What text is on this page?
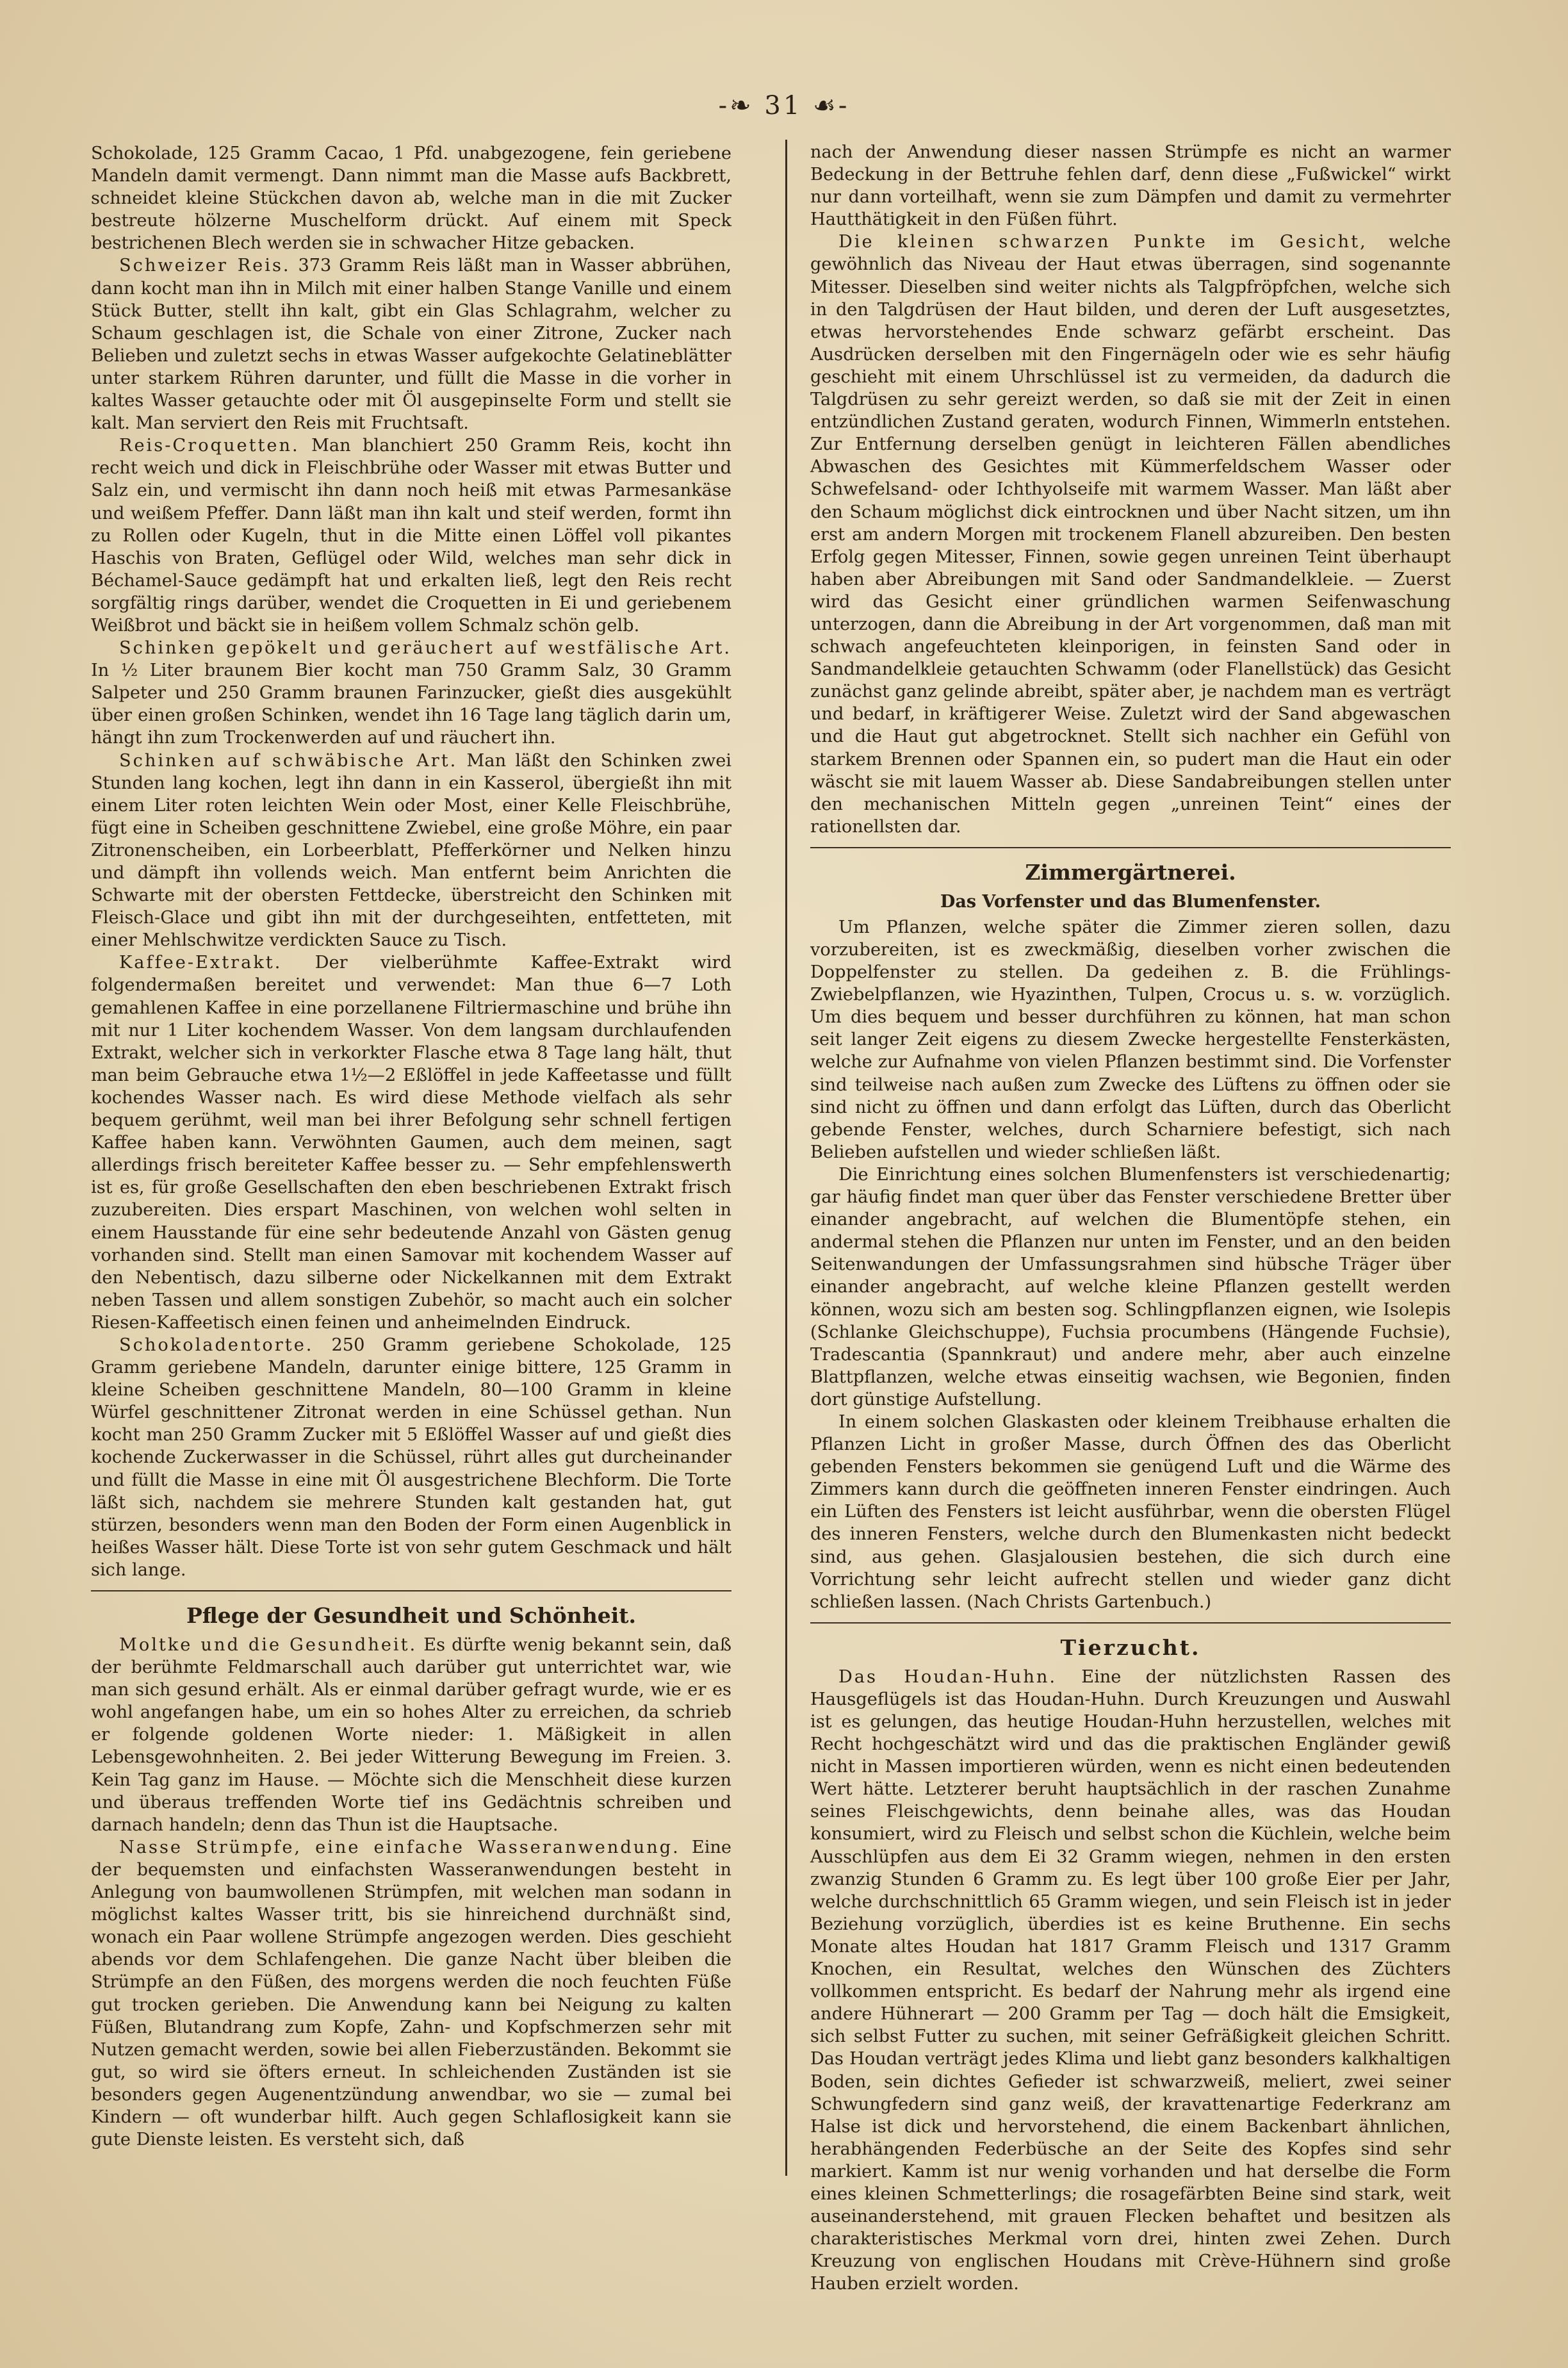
-❧ 31 ☙-

Schokolade, 125 Gramm Cacao, 1 Pfd. unabgezogene, fein geriebene Mandeln damit vermengt. Dann nimmt man die Masse aufs Backbrett, schneidet kleine Stückchen davon ab, welche man in die mit Zucker bestreute hölzerne Muschelform drückt. Auf einem mit Speck bestrichenen Blech werden sie in schwacher Hitze gebacken.

Schweizer Reis. 373 Gramm Reis läßt man in Wasser abbrühen, dann kocht man ihn in Milch mit einer halben Stange Vanille und einem Stück Butter, stellt ihn kalt, gibt ein Glas Schlagrahm, welcher zu Schaum geschlagen ist, die Schale von einer Zitrone, Zucker nach Belieben und zuletzt sechs in etwas Wasser aufgekochte Gelatineblätter unter starkem Rühren darunter, und füllt die Masse in die vorher in kaltes Wasser getauchte oder mit Öl ausgepinselte Form und stellt sie kalt. Man serviert den Reis mit Fruchtsaft.

Reis-Croquetten. Man blanchiert 250 Gramm Reis, kocht ihn recht weich und dick in Fleischbrühe oder Wasser mit etwas Butter und Salz ein, und vermischt ihn dann noch heiß mit etwas Parmesankäse und weißem Pfeffer. Dann läßt man ihn kalt und steif werden, formt ihn zu Rollen oder Kugeln, thut in die Mitte einen Löffel voll pikantes Haschis von Braten, Geflügel oder Wild, welches man sehr dick in Béchamel-Sauce gedämpft hat und erkalten ließ, legt den Reis recht sorgfältig rings darüber, wendet die Croquetten in Ei und geriebenem Weißbrot und bäckt sie in heißem vollem Schmalz schön gelb.

Schinken gepökelt und geräuchert auf westfälische Art. In ½ Liter braunem Bier kocht man 750 Gramm Salz, 30 Gramm Salpeter und 250 Gramm braunen Farinzucker, gießt dies ausgekühlt über einen großen Schinken, wendet ihn 16 Tage lang täglich darin um, hängt ihn zum Trockenwerden auf und räuchert ihn.

Schinken auf schwäbische Art. Man läßt den Schinken zwei Stunden lang kochen, legt ihn dann in ein Kasserol, übergießt ihn mit einem Liter roten leichten Wein oder Most, einer Kelle Fleischbrühe, fügt eine in Scheiben geschnittene Zwiebel, eine große Möhre, ein paar Zitronenscheiben, ein Lorbeerblatt, Pfefferkörner und Nelken hinzu und dämpft ihn vollends weich. Man entfernt beim Anrichten die Schwarte mit der obersten Fettdecke, überstreicht den Schinken mit Fleisch-Glace und gibt ihn mit der durchgeseihten, entfetteten, mit einer Mehlschwitze verdickten Sauce zu Tisch.

Kaffee-Extrakt. Der vielberühmte Kaffee-Extrakt wird folgendermaßen bereitet und verwendet: Man thue 6—7 Loth gemahlenen Kaffee in eine porzellanene Filtriermaschine und brühe ihn mit nur 1 Liter kochendem Wasser. Von dem langsam durchlaufenden Extrakt, welcher sich in verkorkter Flasche etwa 8 Tage lang hält, thut man beim Gebrauche etwa 1½—2 Eßlöffel in jede Kaffeetasse und füllt kochendes Wasser nach. Es wird diese Methode vielfach als sehr bequem gerühmt, weil man bei ihrer Befolgung sehr schnell fertigen Kaffee haben kann. Verwöhnten Gaumen, auch dem meinen, sagt allerdings frisch bereiteter Kaffee besser zu. — Sehr empfehlenswerth ist es, für große Gesellschaften den eben beschriebenen Extrakt frisch zuzubereiten. Dies erspart Maschinen, von welchen wohl selten in einem Hausstande für eine sehr bedeutende Anzahl von Gästen genug vorhanden sind. Stellt man einen Samovar mit kochendem Wasser auf den Nebentisch, dazu silberne oder Nickelkannen mit dem Extrakt neben Tassen und allem sonstigen Zubehör, so macht auch ein solcher Riesen-Kaffeetisch einen feinen und anheimelnden Eindruck.

Schokoladentorte. 250 Gramm geriebene Schokolade, 125 Gramm geriebene Mandeln, darunter einige bittere, 125 Gramm in kleine Scheiben geschnittene Mandeln, 80—100 Gramm in kleine Würfel geschnittener Zitronat werden in eine Schüssel gethan. Nun kocht man 250 Gramm Zucker mit 5 Eßlöffel Wasser auf und gießt dies kochende Zuckerwasser in die Schüssel, rührt alles gut durcheinander und füllt die Masse in eine mit Öl ausgestrichene Blechform. Die Torte läßt sich, nachdem sie mehrere Stunden kalt gestanden hat, gut stürzen, besonders wenn man den Boden der Form einen Augenblick in heißes Wasser hält. Diese Torte ist von sehr gutem Geschmack und hält sich lange.

Pflege der Gesundheit und Schönheit.

Moltke und die Gesundheit. Es dürfte wenig bekannt sein, daß der berühmte Feldmarschall auch darüber gut unterrichtet war, wie man sich gesund erhält. Als er einmal darüber gefragt wurde, wie er es wohl angefangen habe, um ein so hohes Alter zu erreichen, da schrieb er folgende goldenen Worte nieder: 1. Mäßigkeit in allen Lebensgewohnheiten. 2. Bei jeder Witterung Bewegung im Freien. 3. Kein Tag ganz im Hause. — Möchte sich die Menschheit diese kurzen und überaus treffenden Worte tief ins Gedächtnis schreiben und darnach handeln; denn das Thun ist die Hauptsache.

Nasse Strümpfe, eine einfache Wasseranwendung. Eine der bequemsten und einfachsten Wasseranwendungen besteht in Anlegung von baumwollenen Strümpfen, mit welchen man sodann in möglichst kaltes Wasser tritt, bis sie hinreichend durchnäßt sind, wonach ein Paar wollene Strümpfe angezogen werden. Dies geschieht abends vor dem Schlafengehen. Die ganze Nacht über bleiben die Strümpfe an den Füßen, des morgens werden die noch feuchten Füße gut trocken gerieben. Die Anwendung kann bei Neigung zu kalten Füßen, Blutandrang zum Kopfe, Zahn- und Kopfschmerzen sehr mit Nutzen gemacht werden, sowie bei allen Fieberzuständen. Bekommt sie gut, so wird sie öfters erneut. In schleichenden Zuständen ist sie besonders gegen Augenentzündung anwendbar, wo sie — zumal bei Kindern — oft wunderbar hilft. Auch gegen Schlaflosigkeit kann sie gute Dienste leisten. Es versteht sich, daß

nach der Anwendung dieser nassen Strümpfe es nicht an warmer Bedeckung in der Bettruhe fehlen darf, denn diese „Fußwickel“ wirkt nur dann vorteilhaft, wenn sie zum Dämpfen und damit zu vermehrter Hautthätigkeit in den Füßen führt.

Die kleinen schwarzen Punkte im Gesicht, welche gewöhnlich das Niveau der Haut etwas überragen, sind sogenannte Mitesser. Dieselben sind weiter nichts als Talgpfröpfchen, welche sich in den Talgdrüsen der Haut bilden, und deren der Luft ausgesetztes, etwas hervorstehendes Ende schwarz gefärbt erscheint. Das Ausdrücken derselben mit den Fingernägeln oder wie es sehr häufig geschieht mit einem Uhrschlüssel ist zu vermeiden, da dadurch die Talgdrüsen zu sehr gereizt werden, so daß sie mit der Zeit in einen entzündlichen Zustand geraten, wodurch Finnen, Wimmerln entstehen. Zur Entfernung derselben genügt in leichteren Fällen abendliches Abwaschen des Gesichtes mit Kümmerfeldschem Wasser oder Schwefelsand- oder Ichthyolseife mit warmem Wasser. Man läßt aber den Schaum möglichst dick eintrocknen und über Nacht sitzen, um ihn erst am andern Morgen mit trockenem Flanell abzureiben. Den besten Erfolg gegen Mitesser, Finnen, sowie gegen unreinen Teint überhaupt haben aber Abreibungen mit Sand oder Sandmandelkleie. — Zuerst wird das Gesicht einer gründlichen warmen Seifenwaschung unterzogen, dann die Abreibung in der Art vorgenommen, daß man mit schwach angefeuchteten kleinporigen, in feinsten Sand oder in Sandmandelkleie getauchten Schwamm (oder Flanellstück) das Gesicht zunächst ganz gelinde abreibt, später aber, je nachdem man es verträgt und bedarf, in kräftigerer Weise. Zuletzt wird der Sand abgewaschen und die Haut gut abgetrocknet. Stellt sich nachher ein Gefühl von starkem Brennen oder Spannen ein, so pudert man die Haut ein oder wäscht sie mit lauem Wasser ab. Diese Sandabreibungen stellen unter den mechanischen Mitteln gegen „unreinen Teint“ eines der rationellsten dar.

Zimmergärtnerei.
Das Vorfenster und das Blumenfenster.

Um Pflanzen, welche später die Zimmer zieren sollen, dazu vorzubereiten, ist es zweckmäßig, dieselben vorher zwischen die Doppelfenster zu stellen. Da gedeihen z. B. die Frühlings-Zwiebelpflanzen, wie Hyazinthen, Tulpen, Crocus u. s. w. vorzüglich. Um dies bequem und besser durchführen zu können, hat man schon seit langer Zeit eigens zu diesem Zwecke hergestellte Fensterkästen, welche zur Aufnahme von vielen Pflanzen bestimmt sind. Die Vorfenster sind teilweise nach außen zum Zwecke des Lüftens zu öffnen oder sie sind nicht zu öffnen und dann erfolgt das Lüften, durch das Oberlicht gebende Fenster, welches, durch Scharniere befestigt, sich nach Belieben aufstellen und wieder schließen läßt.

Die Einrichtung eines solchen Blumenfensters ist verschiedenartig; gar häufig findet man quer über das Fenster verschiedene Bretter über einander angebracht, auf welchen die Blumentöpfe stehen, ein andermal stehen die Pflanzen nur unten im Fenster, und an den beiden Seitenwandungen der Umfassungsrahmen sind hübsche Träger über einander angebracht, auf welche kleine Pflanzen gestellt werden können, wozu sich am besten sog. Schlingpflanzen eignen, wie Isolepis (Schlanke Gleichschuppe), Fuchsia procumbens (Hängende Fuchsie), Tradescantia (Spannkraut) und andere mehr, aber auch einzelne Blattpflanzen, welche etwas einseitig wachsen, wie Begonien, finden dort günstige Aufstellung.

In einem solchen Glaskasten oder kleinem Treibhause erhalten die Pflanzen Licht in großer Masse, durch Öffnen des das Oberlicht gebenden Fensters bekommen sie genügend Luft und die Wärme des Zimmers kann durch die geöffneten inneren Fenster eindringen. Auch ein Lüften des Fensters ist leicht ausführbar, wenn die obersten Flügel des inneren Fensters, welche durch den Blumenkasten nicht bedeckt sind, aus gehen. Glasjalousien bestehen, die sich durch eine Vorrichtung sehr leicht aufrecht stellen und wieder ganz dicht schließen lassen. (Nach Christs Gartenbuch.)

Tierzucht.

Das Houdan-Huhn. Eine der nützlichsten Rassen des Hausgeflügels ist das Houdan-Huhn. Durch Kreuzungen und Auswahl ist es gelungen, das heutige Houdan-Huhn herzustellen, welches mit Recht hochgeschätzt wird und das die praktischen Engländer gewiß nicht in Massen importieren würden, wenn es nicht einen bedeutenden Wert hätte. Letzterer beruht hauptsächlich in der raschen Zunahme seines Fleischgewichts, denn beinahe alles, was das Houdan konsumiert, wird zu Fleisch und selbst schon die Küchlein, welche beim Ausschlüpfen aus dem Ei 32 Gramm wiegen, nehmen in den ersten zwanzig Stunden 6 Gramm zu. Es legt über 100 große Eier per Jahr, welche durchschnittlich 65 Gramm wiegen, und sein Fleisch ist in jeder Beziehung vorzüglich, überdies ist es keine Bruthenne. Ein sechs Monate altes Houdan hat 1817 Gramm Fleisch und 1317 Gramm Knochen, ein Resultat, welches den Wünschen des Züchters vollkommen entspricht. Es bedarf der Nahrung mehr als irgend eine andere Hühnerart — 200 Gramm per Tag — doch hält die Emsigkeit, sich selbst Futter zu suchen, mit seiner Gefräßigkeit gleichen Schritt. Das Houdan verträgt jedes Klima und liebt ganz besonders kalkhaltigen Boden, sein dichtes Gefieder ist schwarzweiß, meliert, zwei seiner Schwungfedern sind ganz weiß, der kravattenartige Federkranz am Halse ist dick und hervorstehend, die einem Backenbart ähnlichen, herabhängenden Federbüsche an der Seite des Kopfes sind sehr markiert. Kamm ist nur wenig vorhanden und hat derselbe die Form eines kleinen Schmetterlings; die rosagefärbten Beine sind stark, weit auseinanderstehend, mit grauen Flecken behaftet und besitzen als charakteristisches Merkmal vorn drei, hinten zwei Zehen. Durch Kreuzung von englischen Houdans mit Crève-Hühnern sind große Hauben erzielt worden.
